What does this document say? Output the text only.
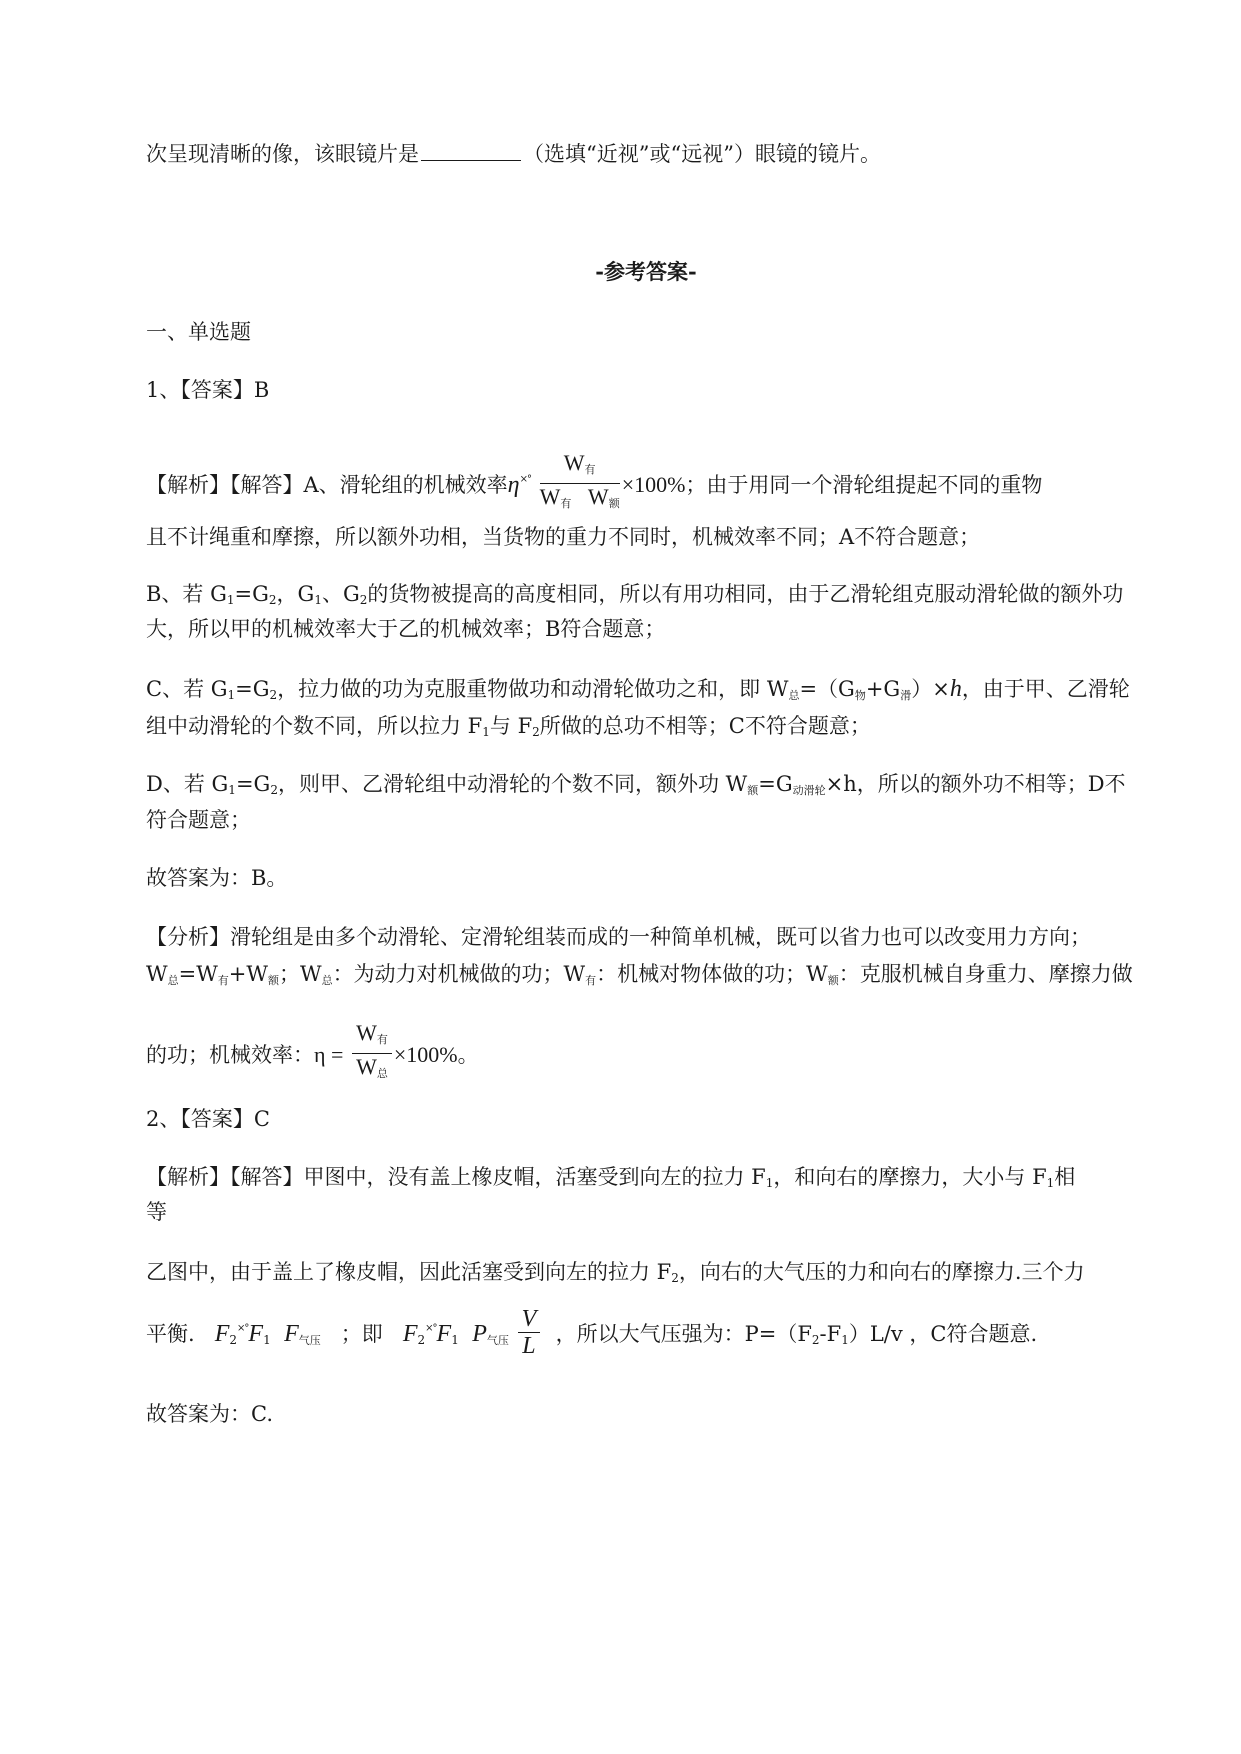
次呈现清晰的像，该眼镜片是	（选填“近视”或“远视”）眼镜的镜片。
-参考答案-
一、单选题
1、【答案】B
【解析】【解答】A、滑轮组的机械效率$\eta^{\times^\circ} \frac{W_有}{W_有 W_额} \times 100\%$；由于用同一个滑轮组提起不同的重物
且不计绳重和摩擦，所以额外功相，当货物的重力不同时，机械效率不同；A不符合题意；
B、若 $G_1=G_2$，$G_1$、$G_2$的货物被提高的高度相同，所以有用功相同，由于乙滑轮组克服动滑轮做的额外功
大，所以甲的机械效率大于乙的机械效率；B符合题意；
C、若 $G_1=G_2$，拉力做的功为克服重物做功和动滑轮做功之和，即 $W_总=(G_物+G_滑)\times h$，由于甲、乙滑轮
组中动滑轮的个数不同，所以拉力 $F_1$与 $F_2$所做的总功不相等；C不符合题意；
D、若 $G_1=G_2$，则甲、乙滑轮组中动滑轮的个数不同，额外功 $W_额=G_{动滑轮}\times h$，所以的额外功不相等；D不
符合题意；
故答案为：B。
【分析】滑轮组是由多个动滑轮、定滑轮组装而成的一种简单机械，既可以省力也可以改变用力方向；
$W_总=W_有+W_额$；$W_总$：为动力对机械做的功；$W_有$：机械对物体做的功；$W_额$：克服机械自身重力、摩擦力做
的功；机械效率：$\eta = \frac{W_有}{W_总} \times 100\%$。
2、【答案】C
【解析】【解答】甲图中，没有盖上橡皮帽，活塞受到向左的拉力 $F_1$，和向右的摩擦力，大小与 $F_1$相
等
乙图中，由于盖上了橡皮帽，因此活塞受到向左的拉力 $F_2$，向右的大气压的力和向右的摩擦力.三个力
平衡. $F_2^{\times^\circ}F_1$ $F_{气压}$ ；即 $F_2^{\times^\circ}F_1$ $P_{气压} \frac{V}{L}$ ，所以大气压强为：$P=(F_2-F_1)L/v$ ，C符合题意.
故答案为：C.
